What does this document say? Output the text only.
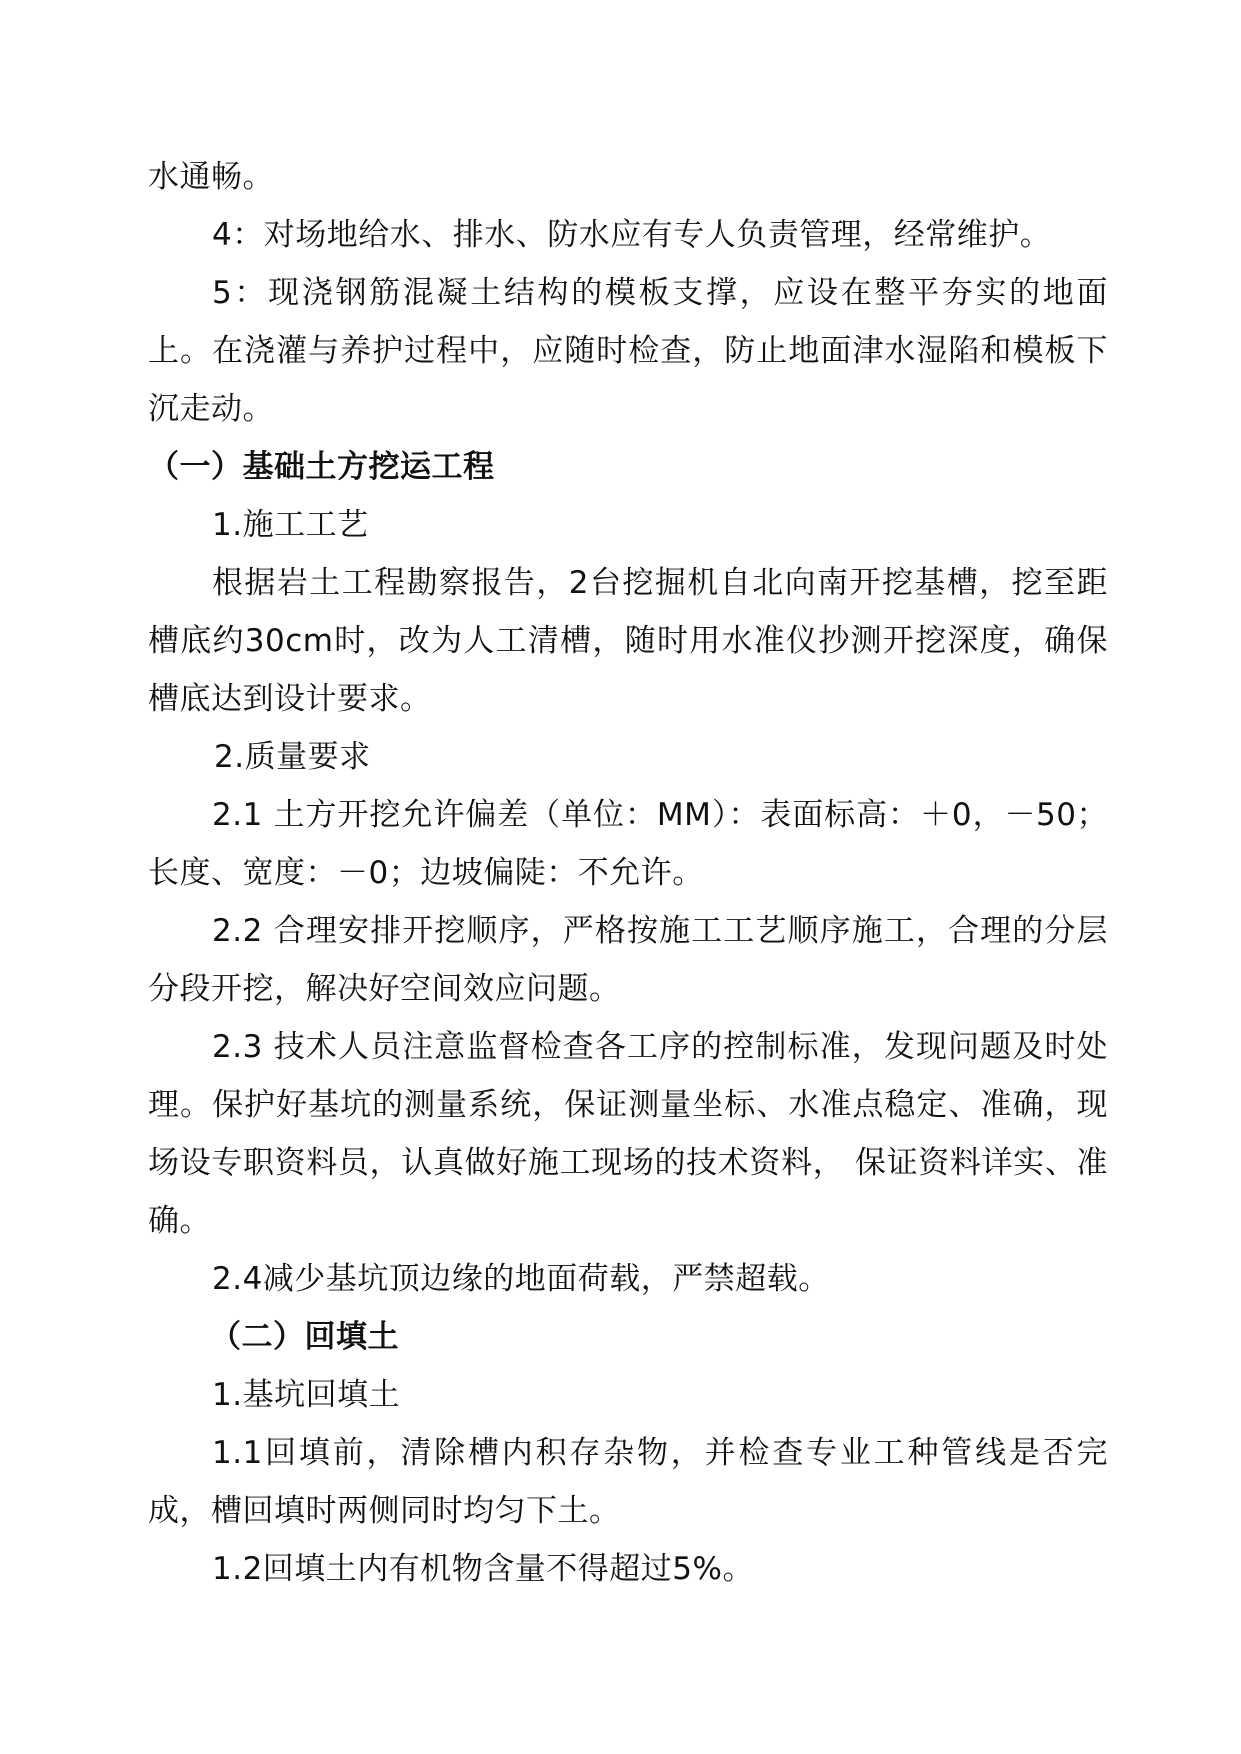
水通畅。

4：对场地给水、排水、防水应有专人负责管理，经常维护。

5：现浇钢筋混凝土结构的模板支撑，应设在整平夯实的地面上。在浇灌与养护过程中，应随时检查，防止地面津水湿陷和模板下沉走动。

（一）基础土方挖运工程

1.施工工艺

根据岩土工程勘察报告，2台挖掘机自北向南开挖基槽，挖至距槽底约30cm时，改为人工清槽，随时用水准仪抄测开挖深度，确保槽底达到设计要求。

2.质量要求

2.1 土方开挖允许偏差（单位：MM）：表面标高：＋0，－50；长度、宽度：－0；边坡偏陡：不允许。

2.2 合理安排开挖顺序，严格按施工工艺顺序施工，合理的分层分段开挖，解决好空间效应问题。

2.3 技术人员注意监督检查各工序的控制标准，发现问题及时处理。保护好基坑的测量系统，保证测量坐标、水准点稳定、准确，现场设专职资料员，认真做好施工现场的技术资料， 保证资料详实、准确。

2.4减少基坑顶边缘的地面荷载，严禁超载。

（二）回填土

1.基坑回填土

1.1回填前，清除槽内积存杂物，并检查专业工种管线是否完成，槽回填时两侧同时均匀下土。

1.2回填土内有机物含量不得超过5%。
